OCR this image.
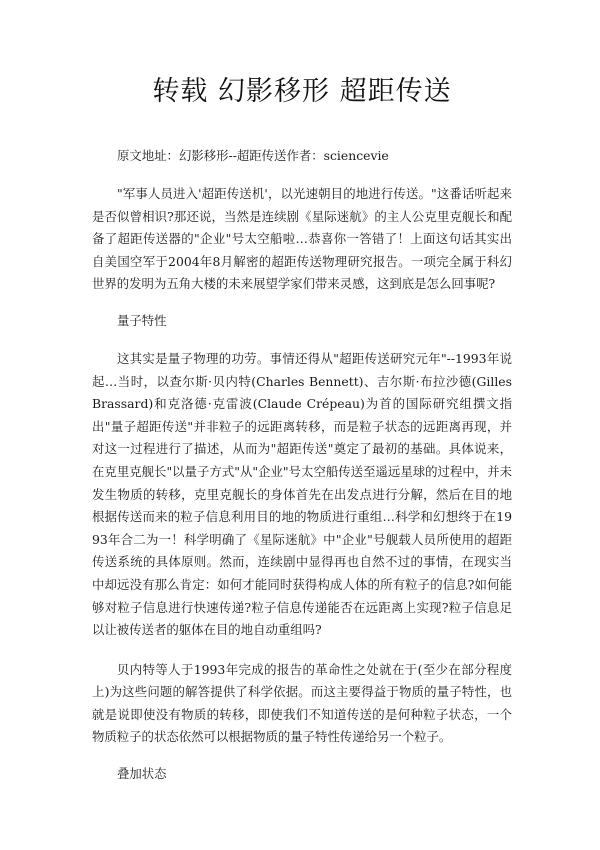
转载 幻影移形 超距传送

原文地址：幻影移形--超距传送作者：sciencevie

"军事人员进入'超距传送机'，以光速朝目的地进行传送。"这番话听起来是否似曾相识?那还说，当然是连续剧《星际迷航》的主人公克里克舰长和配备了超距传送器的"企业"号太空船啦…恭喜你一答错了！上面这句话其实出自美国空军于2004年8月解密的超距传送物理研究报告。一项完全属于科幻世界的发明为五角大楼的未来展望学家们带来灵感，这到底是怎么回事呢?

量子特性

这其实是量子物理的功劳。事情还得从"超距传送研究元年"--1993年说起…当时，以查尔斯·贝内特(Charles Bennett)、吉尔斯·布拉沙德(Gilles Brassard)和克洛德·克雷波(Claude Crépeau)为首的国际研究组撰文指出"量子超距传送"并非粒子的远距离转移，而是粒子状态的远距离再现，并对这一过程进行了描述，从而为"超距传送"奠定了最初的基础。具体说来，在克里克舰长"以量子方式"从"企业"号太空船传送至遥远星球的过程中，并未发生物质的转移，克里克舰长的身体首先在出发点进行分解，然后在目的地根据传送而来的粒子信息利用目的地的物质进行重组…科学和幻想终于在1993年合二为一！科学明确了《星际迷航》中"企业"号舰载人员所使用的超距传送系统的具体原则。然而，连续剧中显得再也自然不过的事情，在现实当中却远没有那么肯定：如何才能同时获得构成人体的所有粒子的信息?如何能够对粒子信息进行快速传递?粒子信息传递能否在远距离上实现?粒子信息足以让被传送者的躯体在目的地自动重组吗?

贝内特等人于1993年完成的报告的革命性之处就在于(至少在部分程度上)为这些问题的解答提供了科学依据。而这主要得益于物质的量子特性，也就是说即使没有物质的转移，即使我们不知道传送的是何种粒子状态，一个物质粒子的状态依然可以根据物质的量子特性传递给另一个粒子。

叠加状态
